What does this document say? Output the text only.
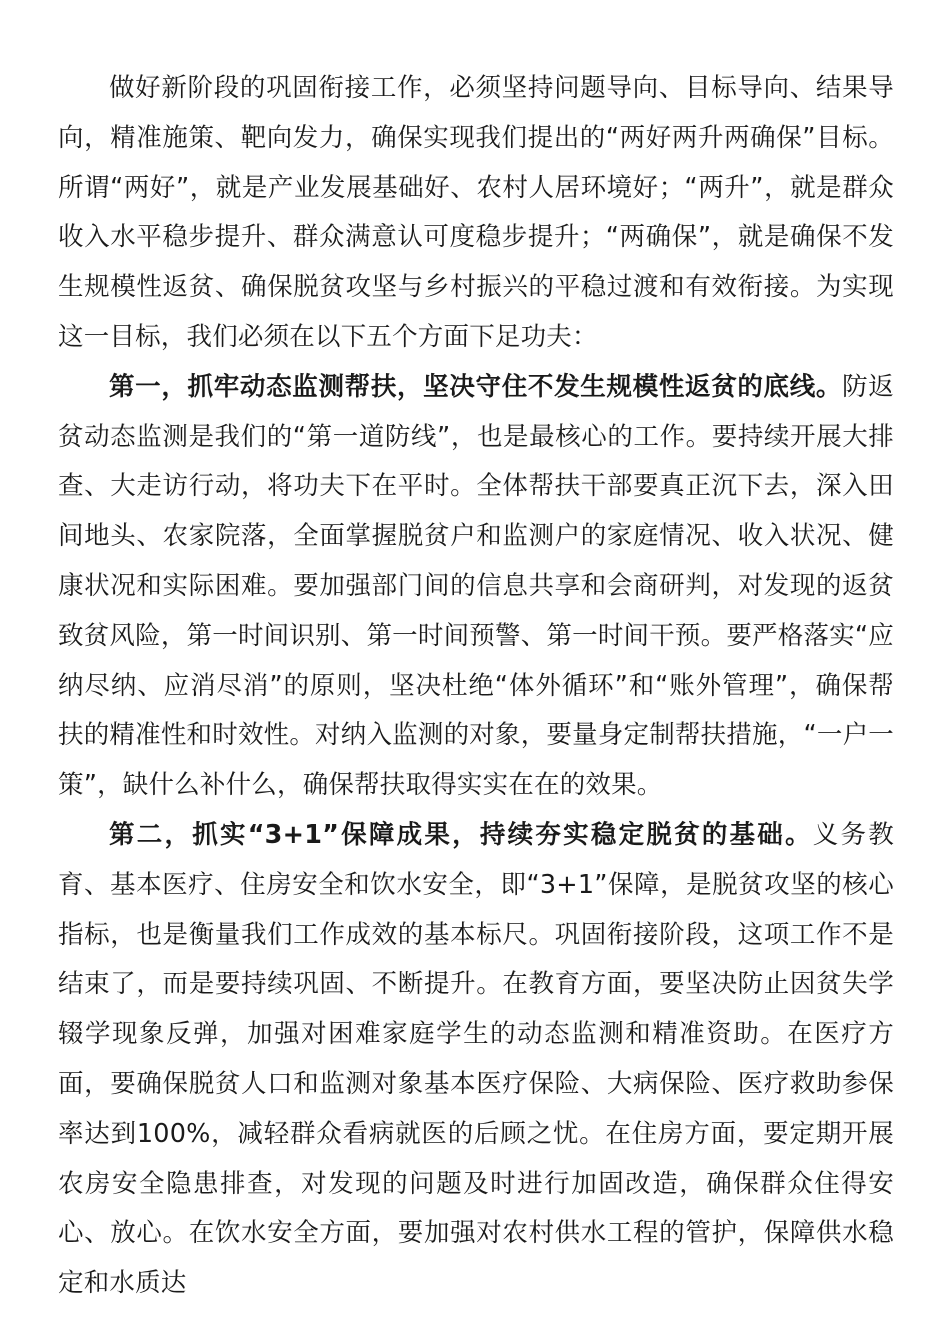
做好新阶段的巩固衔接工作，必须坚持问题导向、目标导向、结果导向，精准施策、靶向发力，确保实现我们提出的“两好两升两确保”目标。所谓“两好”，就是产业发展基础好、农村人居环境好；“两升”，就是群众收入水平稳步提升、群众满意认可度稳步提升；“两确保”，就是确保不发生规模性返贫、确保脱贫攻坚与乡村振兴的平稳过渡和有效衔接。为实现这一目标，我们必须在以下五个方面下足功夫：

第一，抓牢动态监测帮扶，坚决守住不发生规模性返贫的底线。防返贫动态监测是我们的“第一道防线”，也是最核心的工作。要持续开展大排查、大走访行动，将功夫下在平时。全体帮扶干部要真正沉下去，深入田间地头、农家院落，全面掌握脱贫户和监测户的家庭情况、收入状况、健康状况和实际困难。要加强部门间的信息共享和会商研判，对发现的返贫致贫风险，第一时间识别、第一时间预警、第一时间干预。要严格落实“应纳尽纳、应消尽消”的原则，坚决杜绝“体外循环”和“账外管理”，确保帮扶的精准性和时效性。对纳入监测的对象，要量身定制帮扶措施，“一户一策”，缺什么补什么，确保帮扶取得实实在在的效果。

第二，抓实“3+1”保障成果，持续夯实稳定脱贫的基础。义务教育、基本医疗、住房安全和饮水安全，即“3+1”保障，是脱贫攻坚的核心指标，也是衡量我们工作成效的基本标尺。巩固衔接阶段，这项工作不是结束了，而是要持续巩固、不断提升。在教育方面，要坚决防止因贫失学辍学现象反弹，加强对困难家庭学生的动态监测和精准资助。在医疗方面，要确保脱贫人口和监测对象基本医疗保险、大病保险、医疗救助参保率达到100%，减轻群众看病就医的后顾之忧。在住房方面，要定期开展农房安全隐患排查，对发现的问题及时进行加固改造，确保群众住得安心、放心。在饮水安全方面，要加强对农村供水工程的管护，保障供水稳定和水质达
